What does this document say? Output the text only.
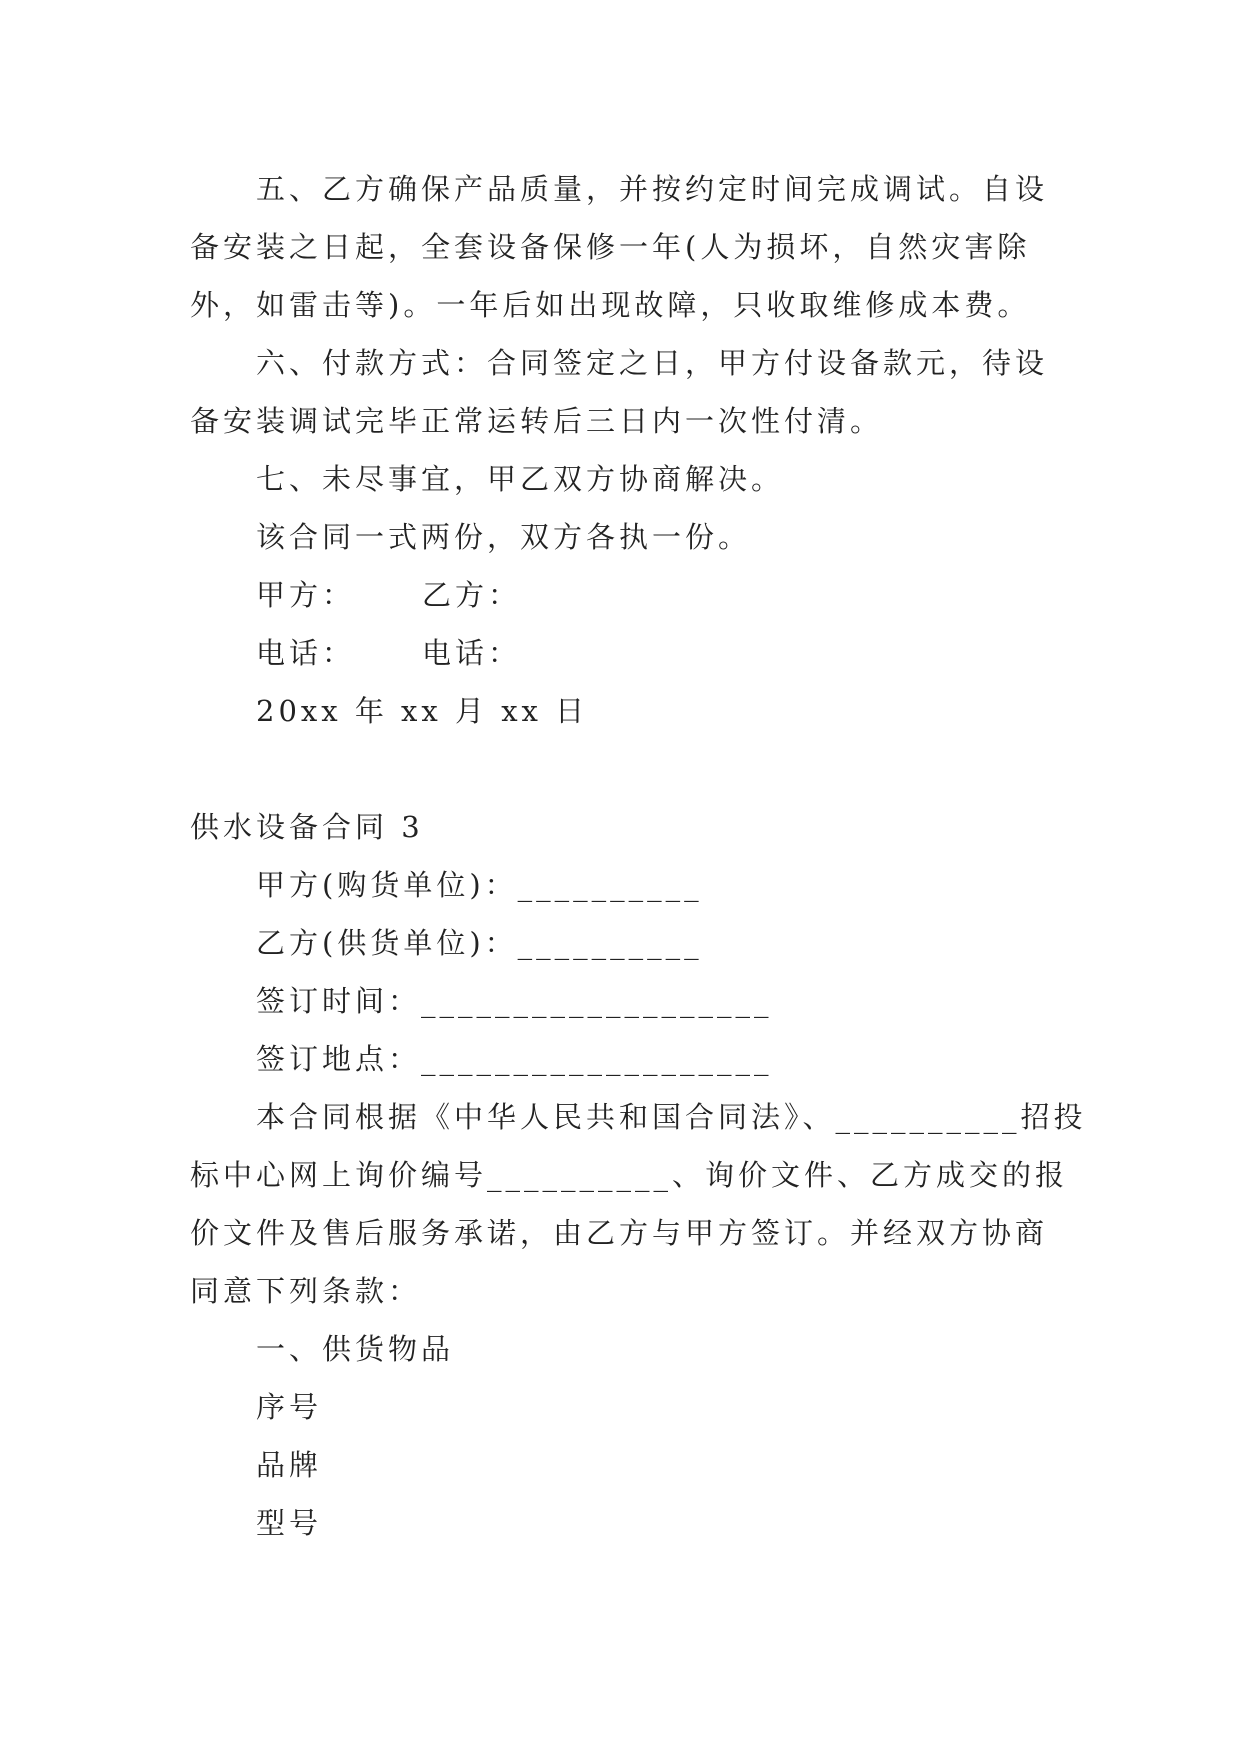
五、乙方确保产品质量，并按约定时间完成调试。自设
备安装之日起，全套设备保修一年(人为损坏，自然灾害除
外，如雷击等)。一年后如出现故障，只收取维修成本费。
六、付款方式：合同签定之日，甲方付设备款元，待设
备安装调试完毕正常运转后三日内一次性付清。
七、未尽事宜，甲乙双方协商解决。
该合同一式两份，双方各执一份。
甲方： 乙方：
电话： 电话：
20xx 年 xx 月 xx 日
供水设备合同 3
甲方(购货单位)：__________
乙方(供货单位)：__________
签订时间：___________________
签订地点：___________________
本合同根据《中华人民共和国合同法》、__________招投
标中心网上询价编号__________、询价文件、乙方成交的报
价文件及售后服务承诺，由乙方与甲方签订。并经双方协商
同意下列条款：
一、供货物品
序号
品牌
型号
